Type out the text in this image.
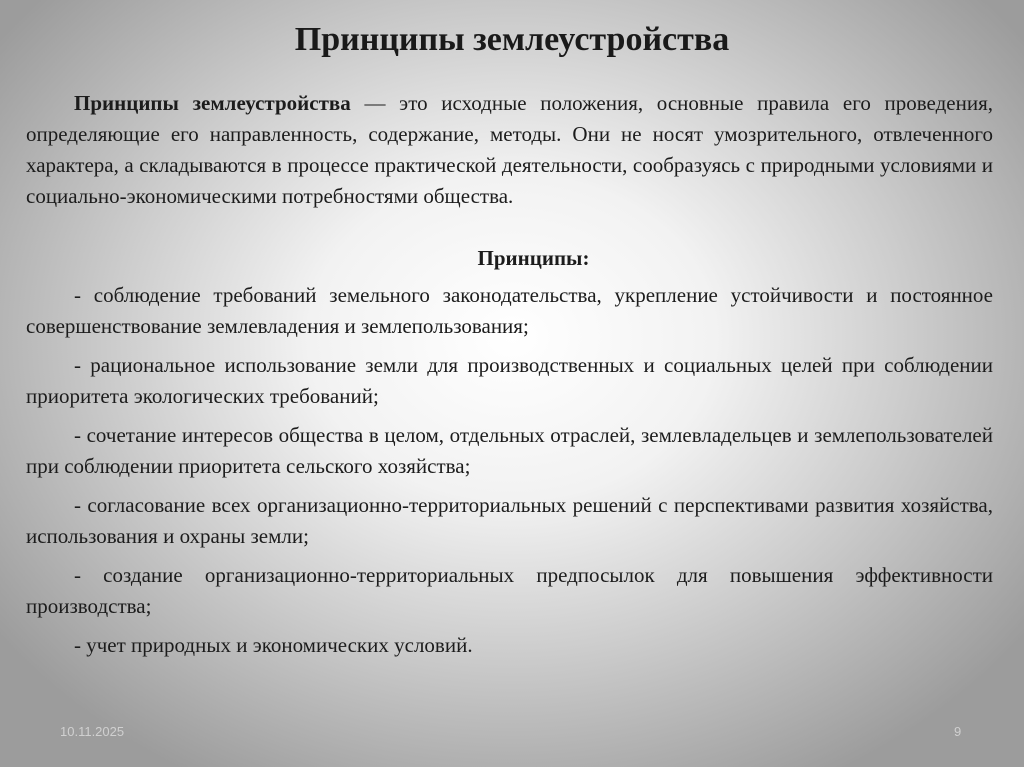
Принципы землеустройства

Принципы землеустройства — это исходные положения, основные правила его проведения, определяющие его направленность, содержание, методы. Они не носят умозрительного, отвлеченного характера, а складываются в процессе практической деятельности, сообразуясь с природными условиями и социально-экономическими потребностями общества.

Принципы:

- соблюдение требований земельного законодательства, укрепление устойчивости и постоянное совершенствование землевладения и землепользования;

- рациональное использование земли для производственных и социальных целей при соблюдении приоритета экологических требований;

- сочетание интересов общества в целом, отдельных отраслей, землевладельцев и землепользователей при соблюдении приоритета сельского хозяйства;

- согласование всех организационно-территориальных решений с перспективами развития хозяйства, использования и охраны земли;

- создание организационно-территориальных предпосылок для повышения эффективности производства;

- учет природных и экономических условий.

10.11.2025	9
